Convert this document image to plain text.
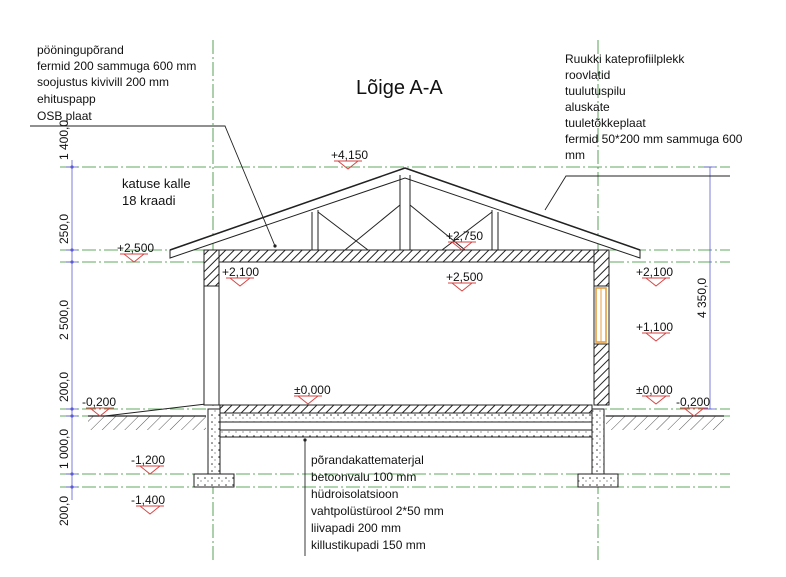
1 400,0
250,0
2 500,0
200,0
1 000,0
200,0
4 350,0
Lõige A-A
pööningupõrand
fermid 200 sammuga 600 mm
soojustus kivivill 200 mm
ehituspapp
OSB plaat
Ruukki kateprofiilplekk
roovlatid
tuulutuspilu
aluskate
tuuletõkkeplaat
fermid 50*200 mm sammuga 600
mm
katuse kalle
18 kraadi
põrandakattematerjal
betoonvalu 100 mm
hüdroisolatsioon
vahtpolüstürool 2*50 mm
liivapadi 200 mm
killustikupadi 150 mm
+4,150
+2,500
+2,100
+2,750
+2,500	+2,100
+1,100
±0,000	±0,000
-0,200	-0,200
-1,200
-1,400
